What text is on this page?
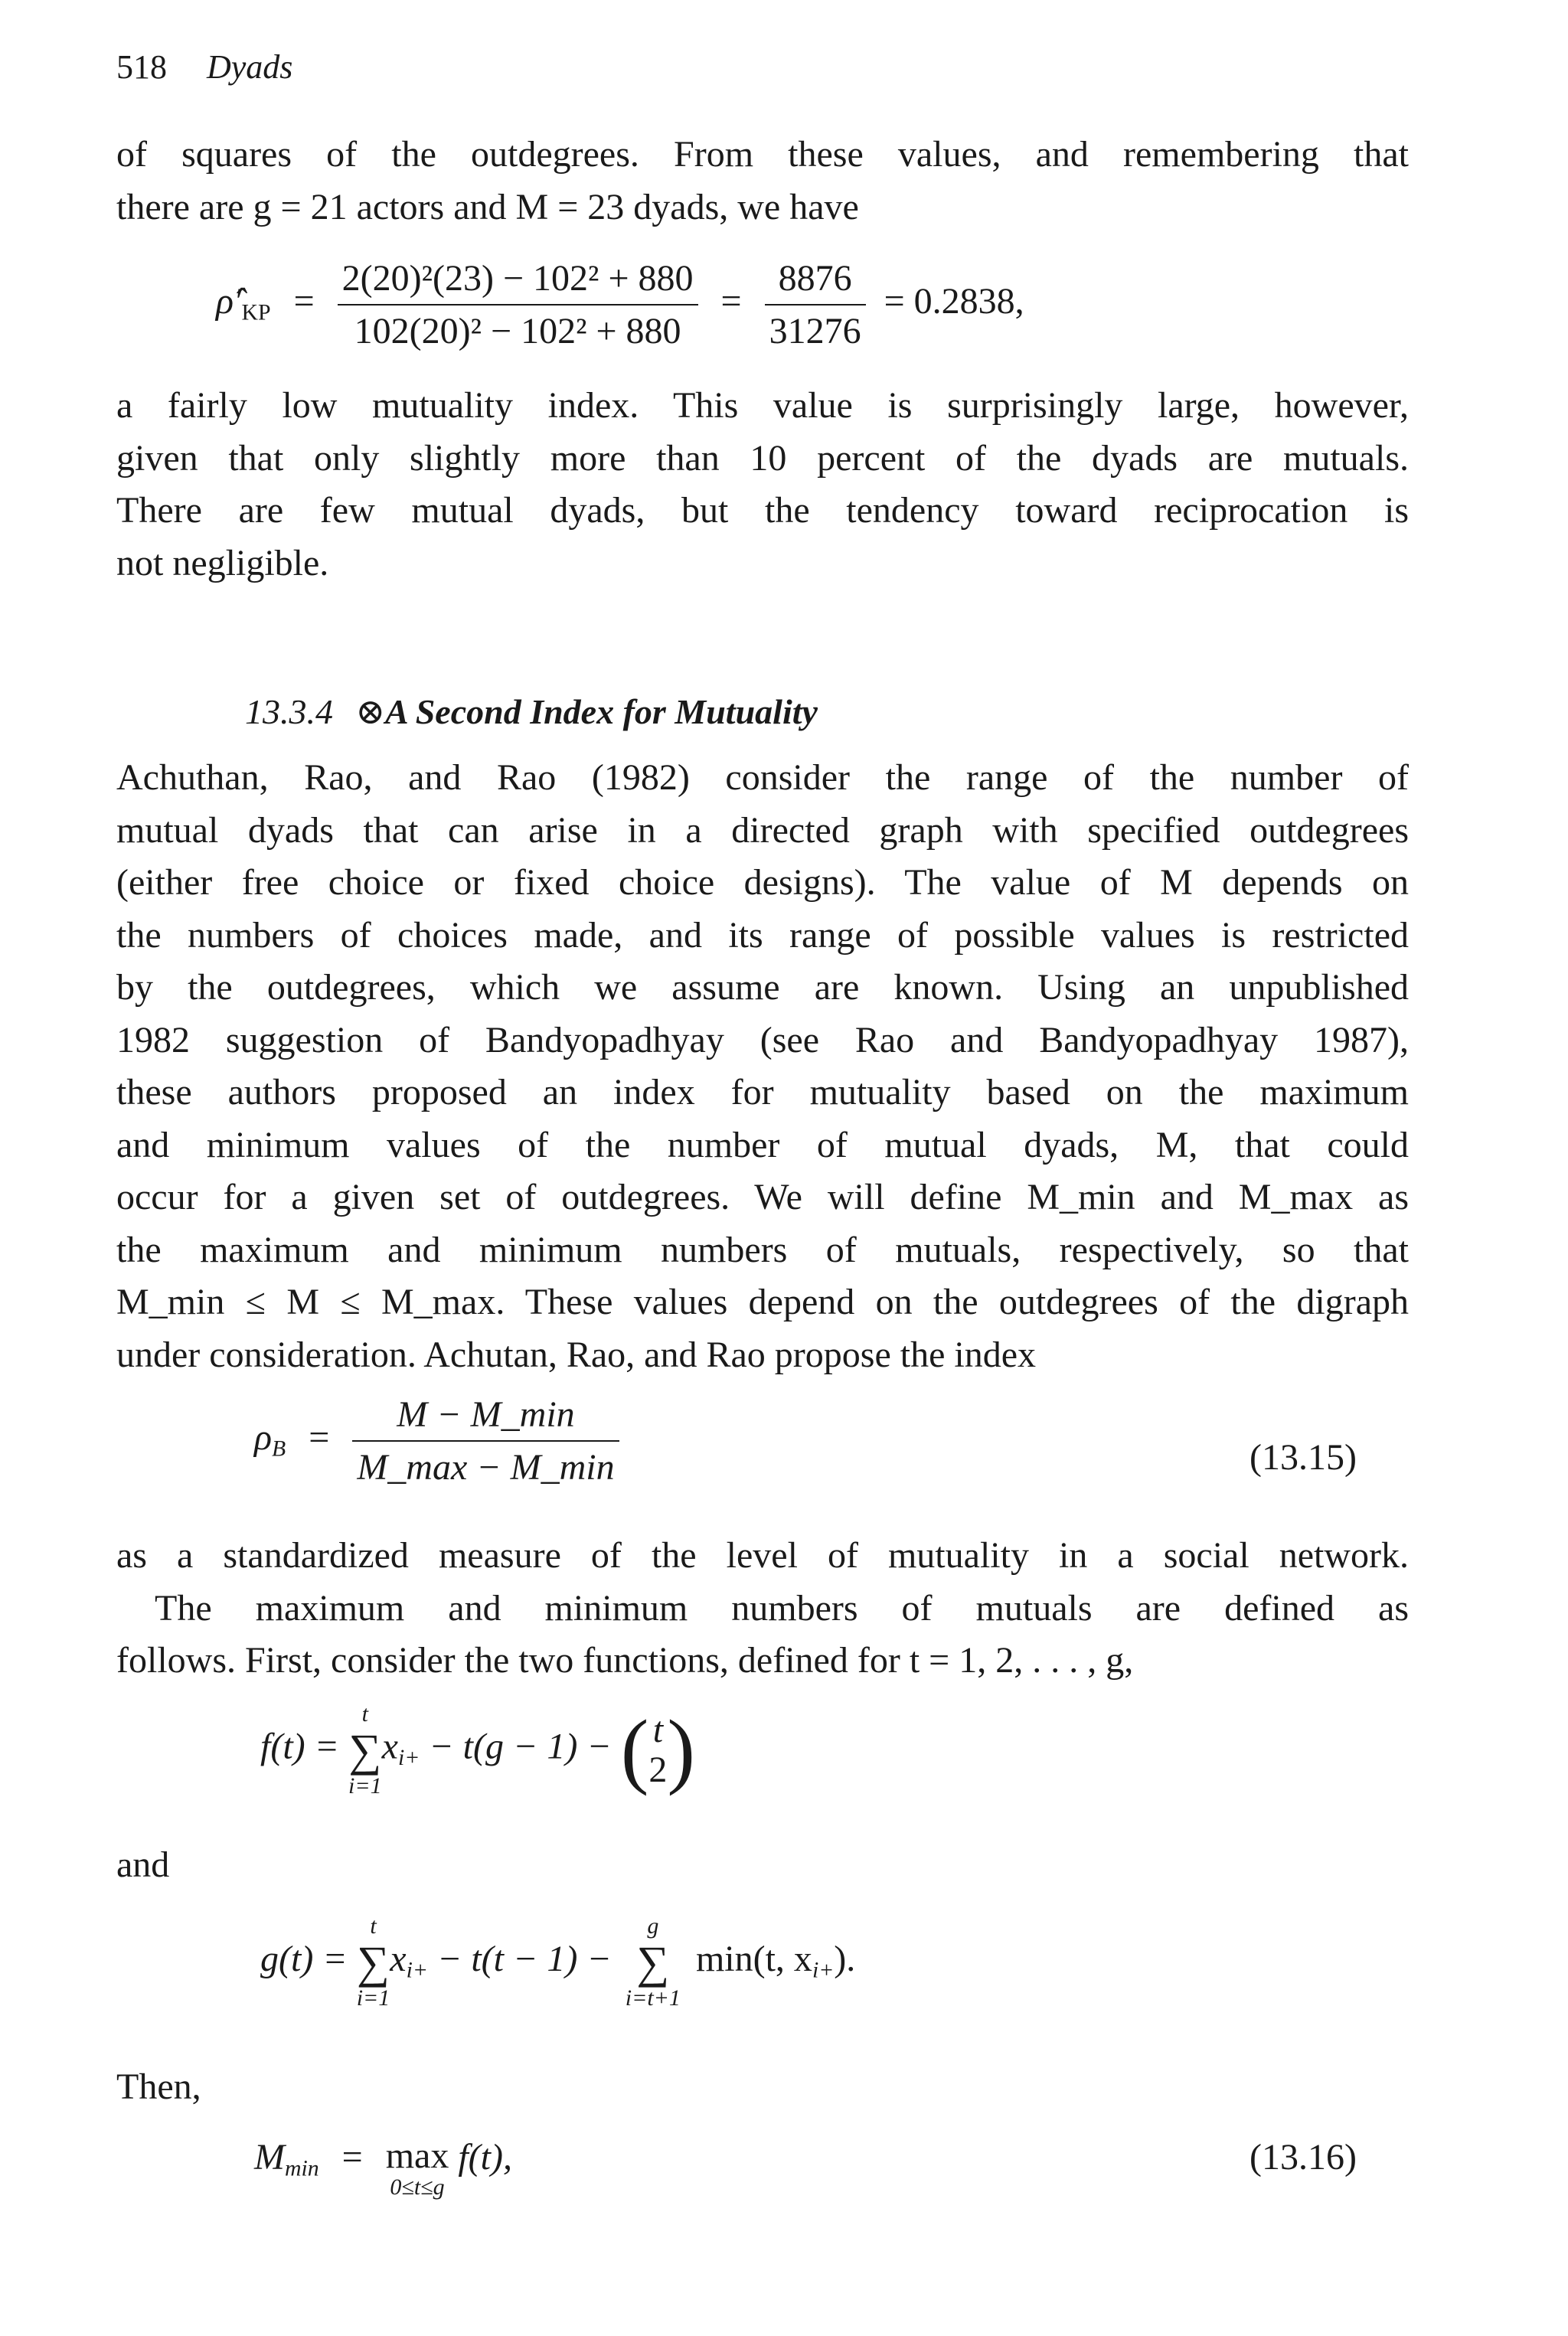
518 Dyads
of squares of the outdegrees. From these values, and remembering that
there are g = 21 actors and M = 23 dyads, we have
$\rhô'_{KP} = \frac{\text{2(20)²(23) − 102² + 880}}{\text{102(20)² − 102² + 880}} = \frac{8876}{31276} = 0.2838$,
a fairly low mutuality index. This value is surprisingly large, however,
given that only slightly more than 10 percent of the dyads are mutuals.
There are few mutual dyads, but the tendency toward reciprocation is
not negligible.
13.3.4 ⊗A Second Index for Mutuality
Achuthan, Rao, and Rao (1982) consider the range of the number of
mutual dyads that can arise in a directed graph with specified outdegrees
(either free choice or fixed choice designs). The value of M depends on
the numbers of choices made, and its range of possible values is restricted
by the outdegrees, which we assume are known. Using an unpublished
1982 suggestion of Bandyopadhyay (see Rao and Bandyopadhyay 1987),
these authors proposed an index for mutuality based on the maximum
and minimum values of the number of mutual dyads, M, that could
occur for a given set of outdegrees. We will define M_min and M_max as
the maximum and minimum numbers of mutuals, respectively, so that
M_min ≤ M ≤ M_max. These values depend on the outdegrees of the digraph
under consideration. Achutan, Rao, and Rao propose the index
$\rho_B = \frac{M - M\_\min}{M\_\max - M\_\min}$	(13.15)
as a standardized measure of the level of mutuality in a social network.
The maximum and minimum numbers of mutuals are defined as
follows. First, consider the two functions, defined for t = 1, 2, . . . , g,
f(t) =
t
∑
i=1
$x_{i+} - t(g - 1)$ − ( t
2 )
and
g(t) =
t
∑
i=1
$x_{i+} - t(t - 1)$ −
g
∑
i=t+1
min(t, $x_{i+}$).
Then,
$M_{min} = \max$
0≤t≤g
f(t),	(13.16)
